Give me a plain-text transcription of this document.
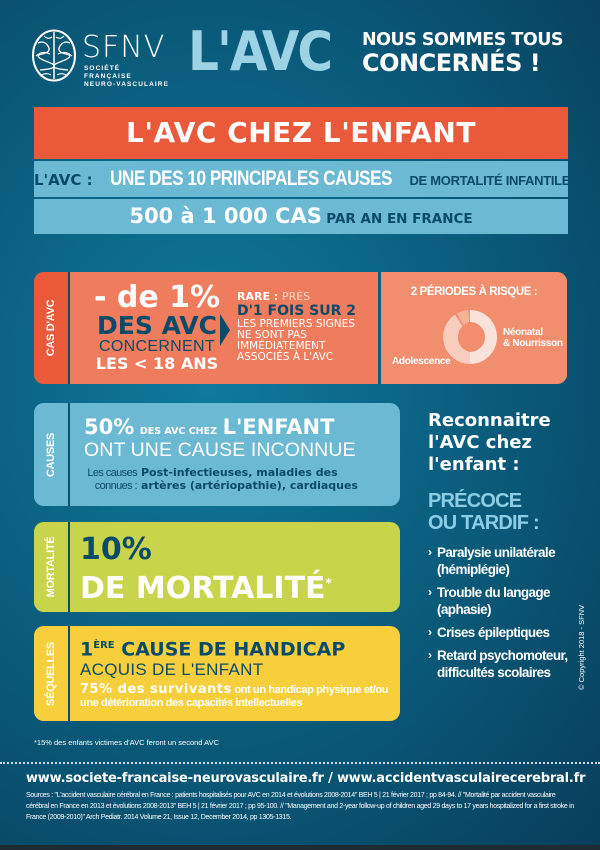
SFNV
SOCIÉTÉ FRANÇAISE
NEURO-VASCULAIRE
L'AVC NOUS SOMMES TOUS
CONCERNÉS !
L'AVC CHEZ L'ENFANT
L'AVC : UNE DES 10 PRINCIPALES CAUSES DE MORTALITÉ INFANTILE
500 à 1 000 CAS PAR AN EN FRANCE
CAS D'AVC
- de 1%
DES AVC
CONCERNENT
LES < 18 ANS
RARE : PRÈS
D'1 FOIS SUR 2
LES PREMIERS SIGNES NE SONT PAS IMMÉDIATEMENT ASSOCIÉS À L'AVC
2 PÉRIODES À RISQUE :
Néonatal
& Nourrisson
Adolescence
CAUSES
50% DES AVC CHEZ L'ENFANT
ONT UNE CAUSE INCONNUE
Les causes connues :
Post-infectieuses, maladies des
artères (artériopathie), cardiaques
MORTALITÉ 10%
DE MORTALITÉ*
SÉQUELLES 1ÈRE CAUSE DE HANDICAP
ACQUIS DE L'ENFANT
75% des survivants ont un handicap physique et/ou une détérioration des capacités intellectuelles
*15% des enfants victimes d'AVC feront un second AVC
Reconnaitre l'AVC chez l'enfant :
PRÉCOCE
OU TARDIF :
› Paralysie unilatérale (hémiplégie)
› Trouble du langage (aphasie)
› Crises épileptiques
› Retard psychomoteur, difficultés scolaires	© Copyright 2018 - SFNV
www.societe-francaise-neurovasculaire.fr / www.accidentvasculairecerebral.fr
Sources : "L'accident vasculaire cérébral en France : patients hospitalisés pour AVC en 2014 et évolutions 2008-2014" BEH 5 | 21 février 2017 ; pp 84-94. // "Mortalité par accident vasculaire cérébral en France en 2013 et évolutions 2008-2013" BEH 5 | 21 février 2017 ; pp 95-100. // "Management and 2-year follow-up of children aged 29 days to 17 years hospitalized for a first stroke in France (2009-2010)" Arch Pediatr. 2014 Volume 21, Issue 12, December 2014, pp 1305-1315.
